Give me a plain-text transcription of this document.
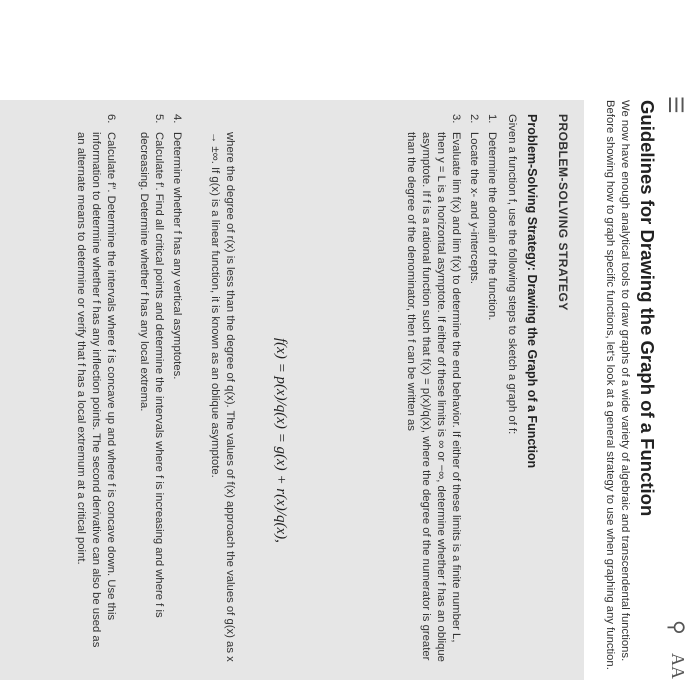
☰
⚲
AA
Guidelines for Drawing the Graph of a Function
We now have enough analytical tools to draw graphs of a wide variety of algebraic and transcendental functions. Before showing how to graph specific functions, let's look at a general strategy to use when graphing any function.
PROBLEM-SOLVING STRATEGY
Problem-Solving Strategy: Drawing the Graph of a Function
Given a function f, use the following steps to sketch a graph of f:
1.
Determine the domain of the function.
2.
Locate the x- and y-intercepts.
3.
Evaluate lim f(x) and lim f(x) to determine the end behavior. If either of these limits is a finite number L, then y = L is a horizontal asymptote. If either of these limits is ∞ or −∞, determine whether f has an oblique asymptote. If f is a rational function such that f(x) = p(x)/q(x), where the degree of the numerator is greater than the degree of the denominator, then f can be written as
f(x) = p(x)/q(x) = g(x) + r(x)/q(x),
where the degree of r(x) is less than the degree of q(x). The values of f(x) approach the values of g(x) as x → ±∞. If g(x) is a linear function, it is known as an oblique asymptote.
4.
Determine whether f has any vertical asymptotes.
5.
Calculate f′. Find all critical points and determine the intervals where f is increasing and where f is decreasing. Determine whether f has any local extrema.
6.
Calculate f″. Determine the intervals where f is concave up and where f is concave down. Use this information to determine whether f has any inflection points. The second derivative can also be used as an alternate means to determine or verify that f has a local extremum at a critical point.
